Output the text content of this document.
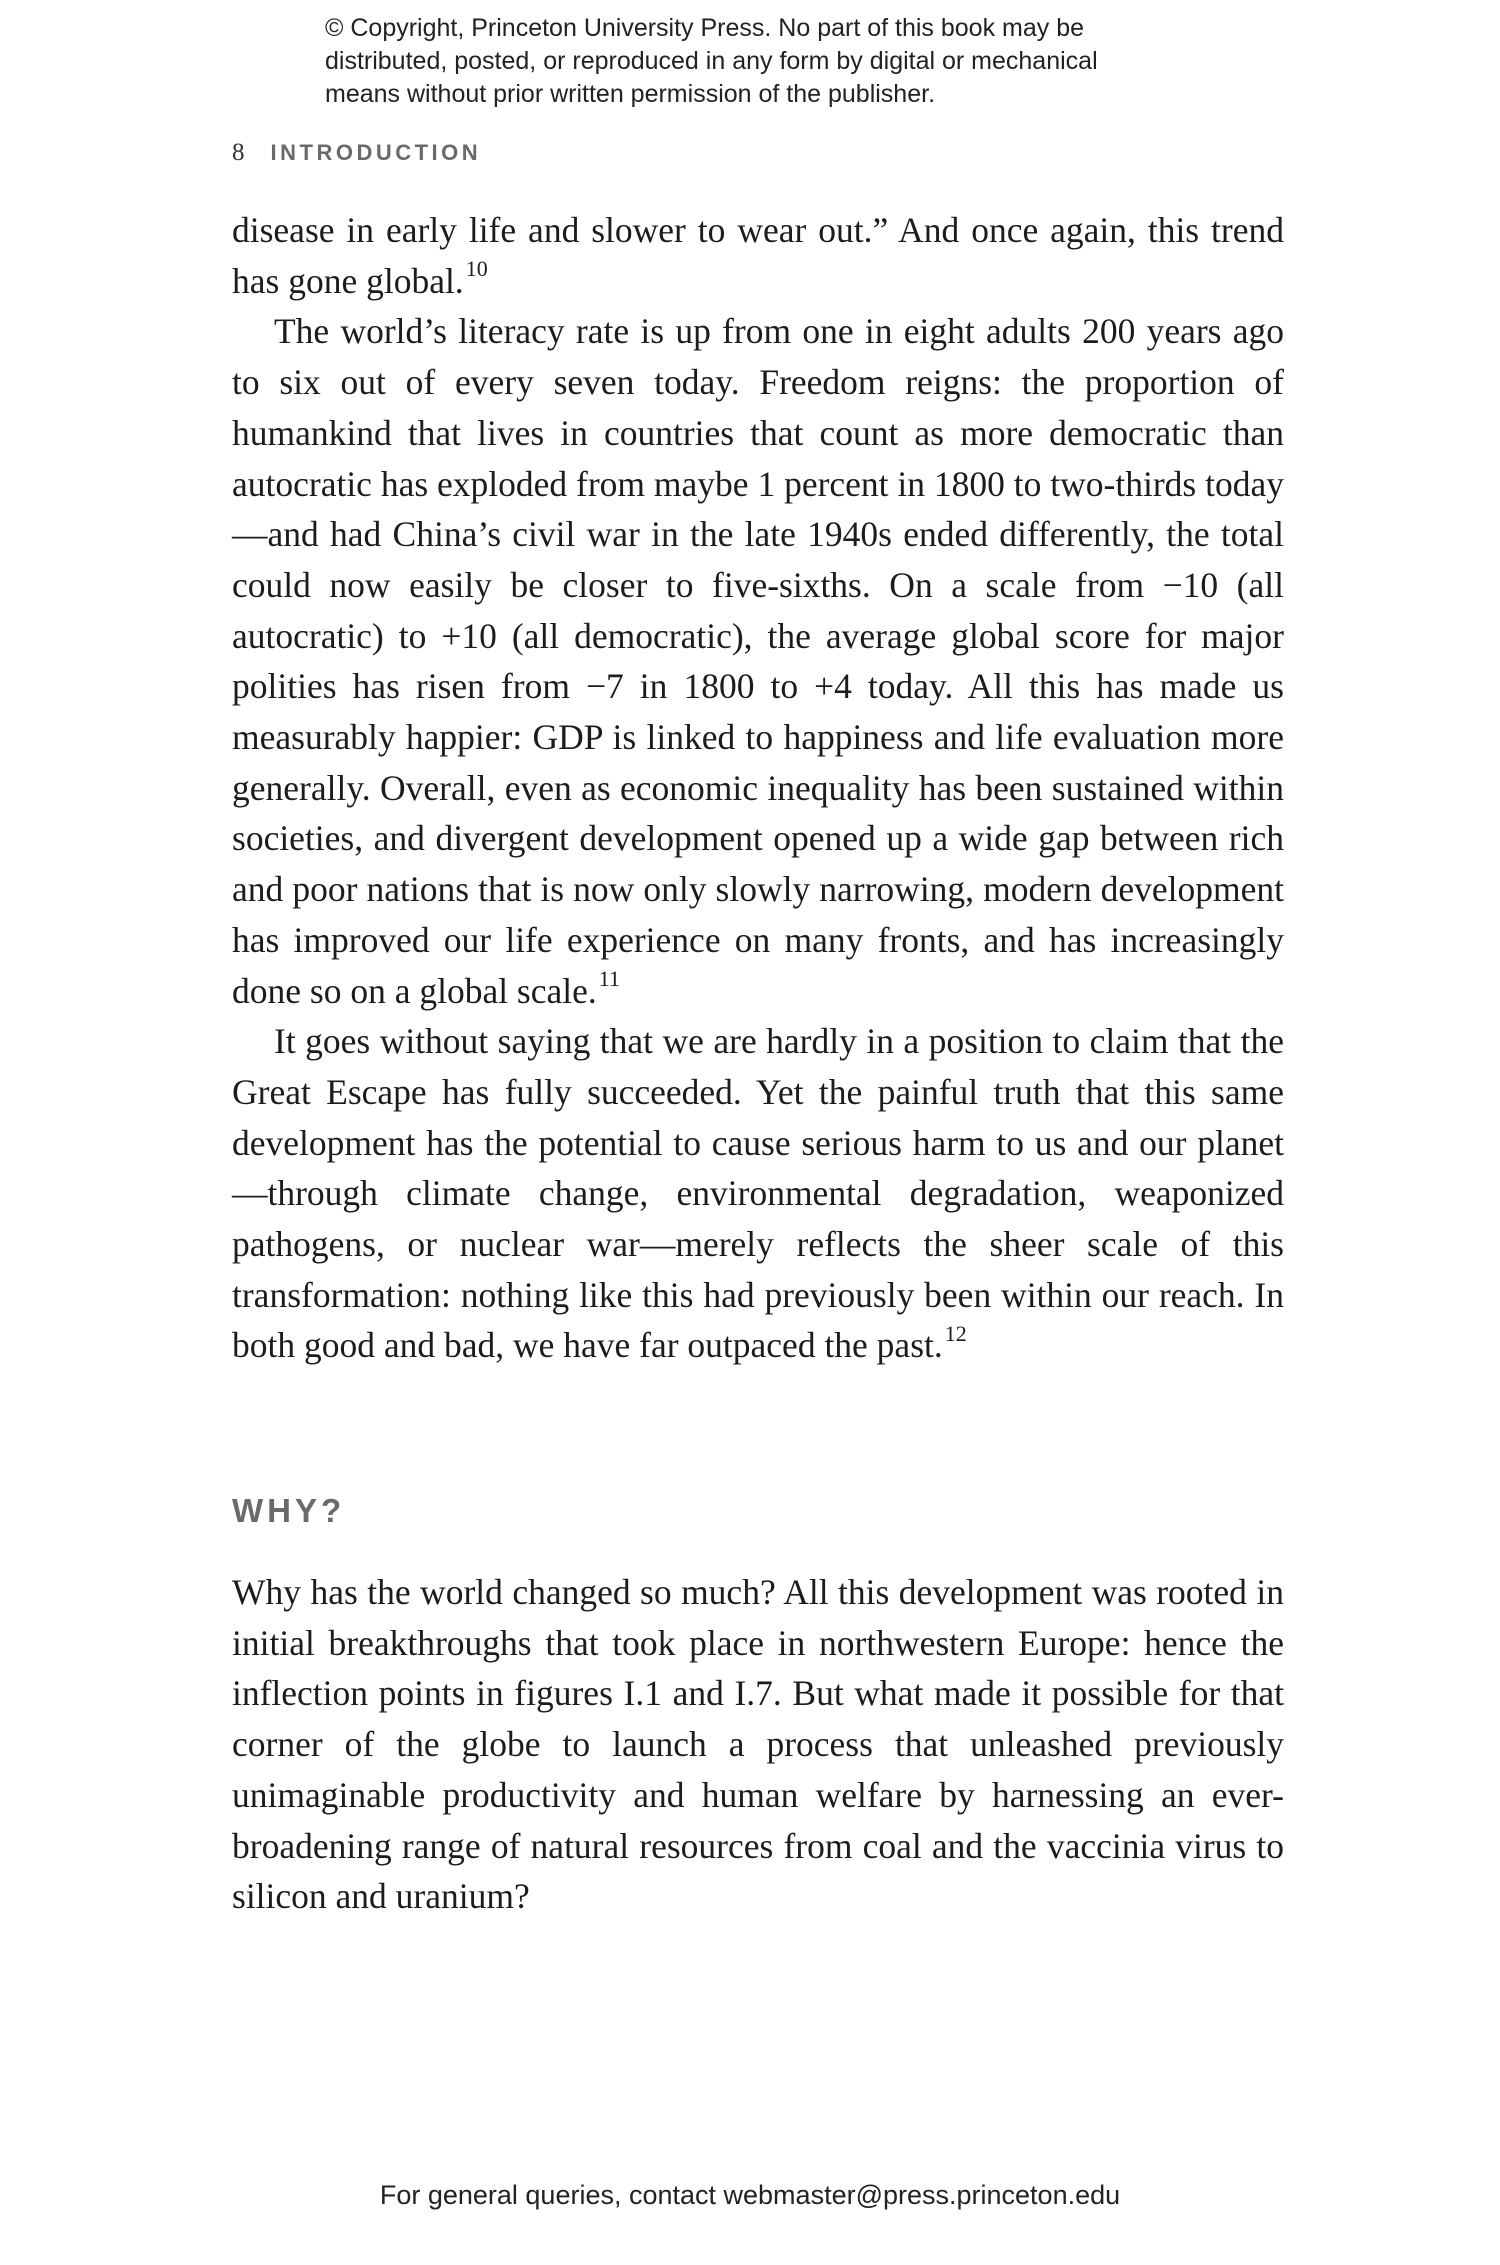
© Copyright, Princeton University Press. No part of this book may be
distributed, posted, or reproduced in any form by digital or mechanical
means without prior written permission of the publisher.
8 INTRODUCTION

disease in early life and slower to wear out.” And once again, this trend has gone global.$^{10}$

The world’s literacy rate is up from one in eight adults 200 years ago to six out of every seven today. Freedom reigns: the proportion of humankind that lives in countries that count as more democratic than autocratic has exploded from maybe 1 percent in 1800 to two-thirds today—and had China’s civil war in the late 1940s ended differently, the total could now easily be closer to five-sixths. On a scale from −10 (all autocratic) to +10 (all democratic), the average global score for major polities has risen from −7 in 1800 to +4 today. All this has made us measurably happier: GDP is linked to happiness and life evaluation more generally. Overall, even as economic inequality has been sustained within societies, and divergent development opened up a wide gap between rich and poor nations that is now only slowly narrowing, modern development has improved our life experience on many fronts, and has increasingly done so on a global scale.$^{11}$

It goes without saying that we are hardly in a position to claim that the Great Escape has fully succeeded. Yet the painful truth that this same development has the potential to cause serious harm to us and our planet—through climate change, environmental degradation, weaponized pathogens, or nuclear war—merely reflects the sheer scale of this transformation: nothing like this had previously been within our reach. In both good and bad, we have far outpaced the past.$^{12}$

WHY?

Why has the world changed so much? All this development was rooted in initial breakthroughs that took place in northwestern Europe: hence the inflection points in figures I.1 and I.7. But what made it possible for that corner of the globe to launch a process that unleashed previously unimaginable productivity and human welfare by harnessing an ever-broadening range of natural resources from coal and the vaccinia virus to silicon and uranium?

For general queries, contact webmaster@press.princeton.edu
